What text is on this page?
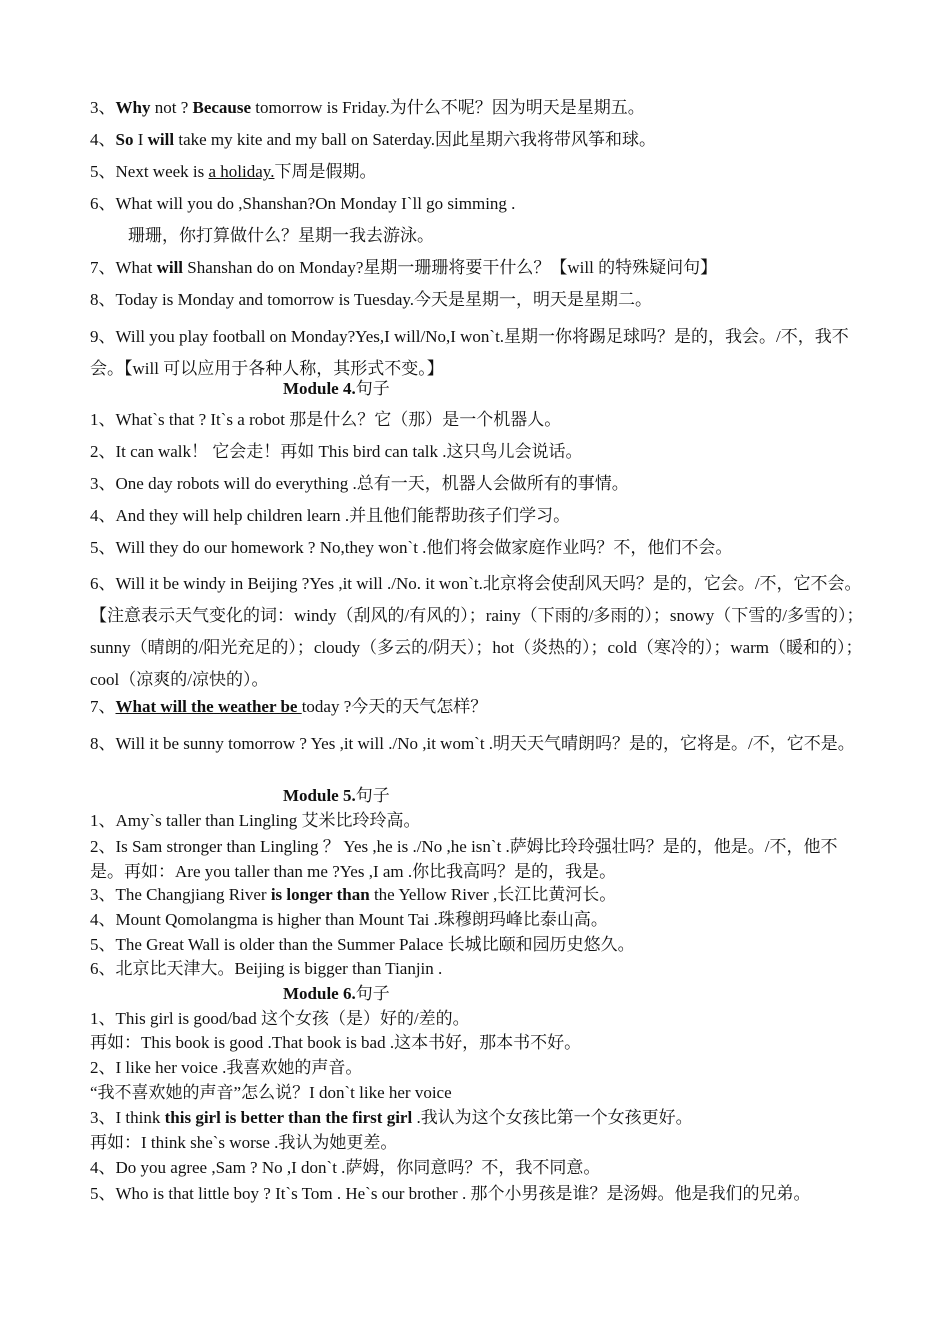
3、Why not ? Because tomorrow is Friday.为什么不呢？因为明天是星期五。
4、So I will take my kite and my ball on Saterday.因此星期六我将带风筝和球。
5、Next week is a holiday.下周是假期。
6、What will you do ,Shanshan?On Monday I`ll go simming .
珊珊，你打算做什么？星期一我去游泳。
7、What will Shanshan do on Monday?星期一珊珊将要干什么？【will 的特殊疑问句】
8、Today is Monday and tomorrow is Tuesday.今天是星期一，明天是星期二。
9、Will you play football on Monday?Yes,I will/No,I won`t.星期一你将踢足球吗？是的，我会。/不，我不会。【will 可以应用于各种人称，其形式不变。】
Module 4.句子
1、What`s that ? It`s a robot 那是什么？它（那）是一个机器人。
2、It can walk！ 它会走！再如 This bird can talk .这只鸟儿会说话。
3、One day robots will do everything .总有一天，机器人会做所有的事情。
4、And they will help children learn .并且他们能帮助孩子们学习。
5、Will they do our homework ? No,they won`t .他们将会做家庭作业吗？不，他们不会。
6、Will it be windy in Beijing ?Yes ,it will ./No. it won`t.北京将会使刮风天吗？是的，它会。/不，它不会。【注意表示天气变化的词：windy（刮风的/有风的）；rainy（下雨的/多雨的）；snowy（下雪的/多雪的）；sunny（晴朗的/阳光充足的）；cloudy（多云的/阴天）；hot（炎热的）；cold（寒冷的）；warm（暖和的）；cool（凉爽的/凉快的）。
7、What will the weather be today ?今天的天气怎样？
8、Will it be sunny tomorrow ? Yes ,it will ./No ,it wom`t .明天天气晴朗吗？是的，它将是。/不，它不是。
Module 5.句子
1、Amy`s taller than Lingling 艾米比玲玲高。
2、Is Sam stronger than Lingling ？ Yes ,he is ./No ,he isn`t .萨姆比玲玲强壮吗？是的，他是。/不，他不是。再如：Are you taller than me ?Yes ,I am .你比我高吗？是的，我是。
3、The Changjiang River is longer than the Yellow River ,长江比黄河长。
4、Mount Qomolangma is higher than Mount Tai .珠穆朗玛峰比泰山高。
5、The Great Wall is older than the Summer Palace 长城比颐和园历史悠久。
6、北京比天津大。Beijing is bigger than Tianjin .
Module 6.句子
1、This girl is good/bad 这个女孩（是）好的/差的。
再如：This book is good .That book is bad .这本书好，那本书不好。
2、I like her voice .我喜欢她的声音。
“我不喜欢她的声音”怎么说？I don`t like her voice
3、I think this girl is better than the first girl .我认为这个女孩比第一个女孩更好。
再如：I think she`s worse .我认为她更差。
4、Do you agree ,Sam ? No ,I don`t .萨姆，你同意吗？不，我不同意。
5、Who is that little boy ? It`s Tom . He`s our brother . 那个小男孩是谁？是汤姆。他是我们的兄弟。
